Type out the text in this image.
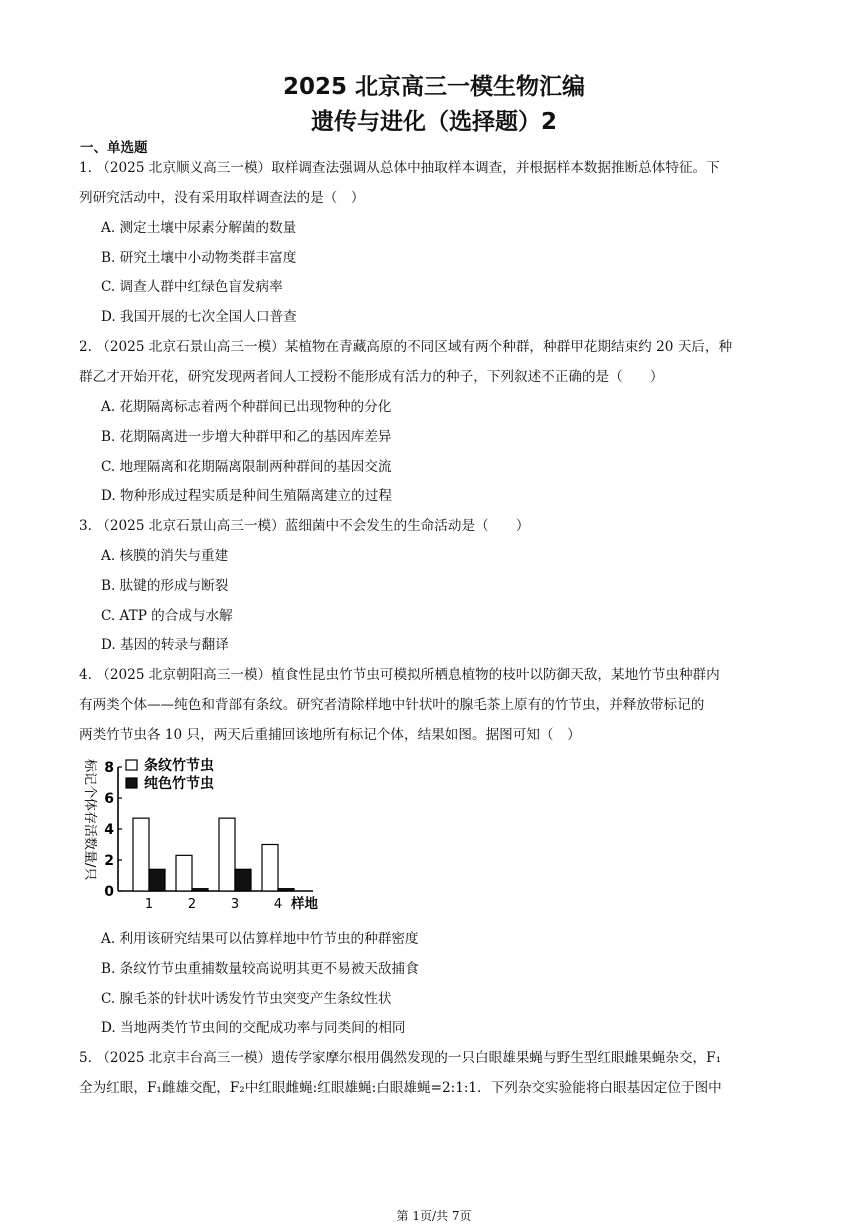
2025 北京高三一模生物汇编
遗传与进化（选择题）2
一、单选题
1. （2025 北京顺义高三一模）取样调查法强调从总体中抽取样本调查，并根据样本数据推断总体特征。下
列研究活动中，没有采用取样调查法的是（　）
A. 测定土壤中尿素分解菌的数量
B. 研究土壤中小动物类群丰富度
C. 调查人群中红绿色盲发病率
D. 我国开展的七次全国人口普查
2. （2025 北京石景山高三一模）某植物在青藏高原的不同区域有两个种群，种群甲花期结束约 20 天后，种
群乙才开始开花，研究发现两者间人工授粉不能形成有活力的种子，下列叙述不正确的是（　　）
A. 花期隔离标志着两个种群间已出现物种的分化
B. 花期隔离进一步增大种群甲和乙的基因库差异
C. 地理隔离和花期隔离限制两种群间的基因交流
D. 物种形成过程实质是种间生殖隔离建立的过程
3. （2025 北京石景山高三一模）蓝细菌中不会发生的生命活动是（　　）
A. 核膜的消失与重建
B. 肽键的形成与断裂
C. ATP 的合成与水解
D. 基因的转录与翻译
4. （2025 北京朝阳高三一模）植食性昆虫竹节虫可模拟所栖息植物的枝叶以防御天敌，某地竹节虫种群内
有两类个体——纯色和背部有条纹。研究者清除样地中针状叶的腺毛茶上原有的竹节虫，并释放带标记的
两类竹节虫各 10 只，两天后重捕回该地所有标记个体，结果如图。据图可知（　）
标记个体存活数量/只
0
2
4
6
8
1	2	3	4 样地
条纹竹节虫
纯色竹节虫
A. 利用该研究结果可以估算样地中竹节虫的种群密度
B. 条纹竹节虫重捕数量较高说明其更不易被天敌捕食
C. 腺毛茶的针状叶诱发竹节虫突变产生条纹性状
D. 当地两类竹节虫间的交配成功率与同类间的相同
5. （2025 北京丰台高三一模）遗传学家摩尔根用偶然发现的一只白眼雄果蝇与野生型红眼雌果蝇杂交，F₁
全为红眼，F₁雌雄交配，F₂中红眼雌蝇:红眼雄蝇:白眼雄蝇=2:1:1．下列杂交实验能将白眼基因定位于图中
第 1页/共 7页
